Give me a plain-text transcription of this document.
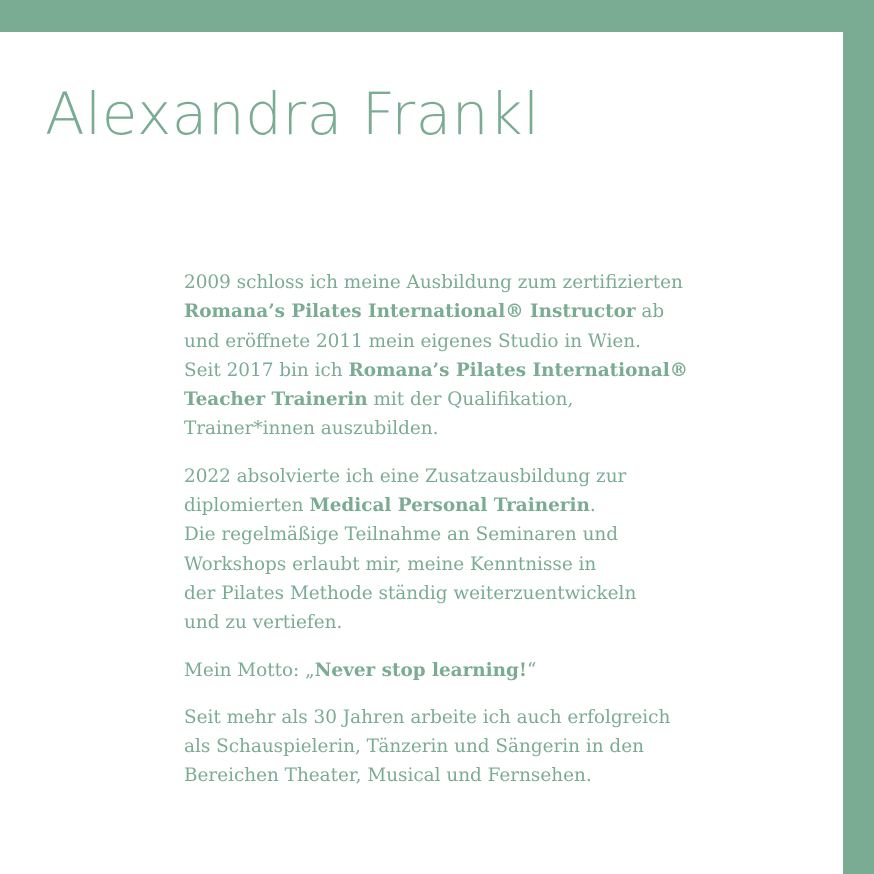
Alexandra Frankl

2009 schloss ich meine Ausbildung zum zertifizierten
Romana’s Pilates International® Instructor ab
und eröffnete 2011 mein eigenes Studio in Wien.
Seit 2017 bin ich Romana’s Pilates International®
Teacher Trainerin mit der Qualifikation,
Trainer*innen auszubilden.

2022 absolvierte ich eine Zusatzausbildung zur
diplomierten Medical Personal Trainerin.
Die regelmäßige Teilnahme an Seminaren und
Workshops erlaubt mir, meine Kenntnisse in
der Pilates Methode ständig weiterzuentwickeln
und zu vertiefen.

Mein Motto: „Never stop learning!“

Seit mehr als 30 Jahren arbeite ich auch erfolgreich
als Schauspielerin, Tänzerin und Sängerin in den
Bereichen Theater, Musical und Fernsehen.
